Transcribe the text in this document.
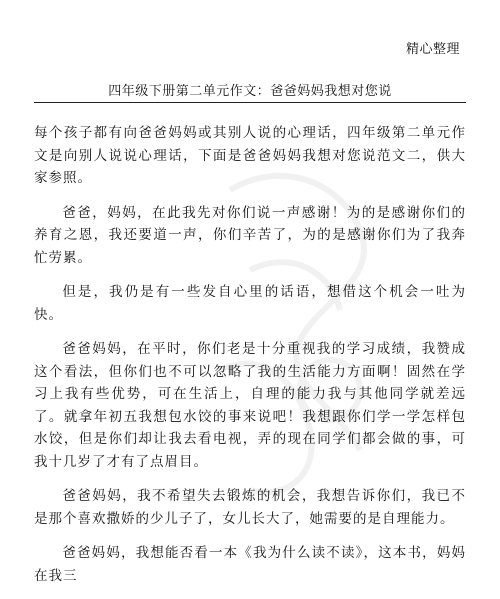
精心整理
四年级下册第二单元作文：爸爸妈妈我想对您说

每个孩子都有向爸爸妈妈或其别人说的心理话，四年级第二单元作文是向别人说说心理话，下面是爸爸妈妈我想对您说范文二，供大家参照。

爸爸，妈妈，在此我先对你们说一声感谢！为的是感谢你们的养育之恩，我还要道一声，你们辛苦了，为的是感谢你们为了我奔忙劳累。

但是，我仍是有一些发自心里的话语，想借这个机会一吐为快。

爸爸妈妈，在平时，你们老是十分重视我的学习成绩，我赞成这个看法，但你们也不可以忽略了我的生活能力方面啊！固然在学习上我有些优势，可在生活上，自理的能力我与其他同学就差远了。就拿年初五我想包水饺的事来说吧！我想跟你们学一学怎样包水饺，但是你们却让我去看电视，弄的现在同学们都会做的事，可我十几岁了才有了点眉目。

爸爸妈妈，我不希望失去锻炼的机会，我想告诉你们，我已不是那个喜欢撒娇的少儿子了，女儿长大了，她需要的是自理能力。

爸爸妈妈，我想能否看一本《我为什么读不读》，这本书，妈妈在我三
